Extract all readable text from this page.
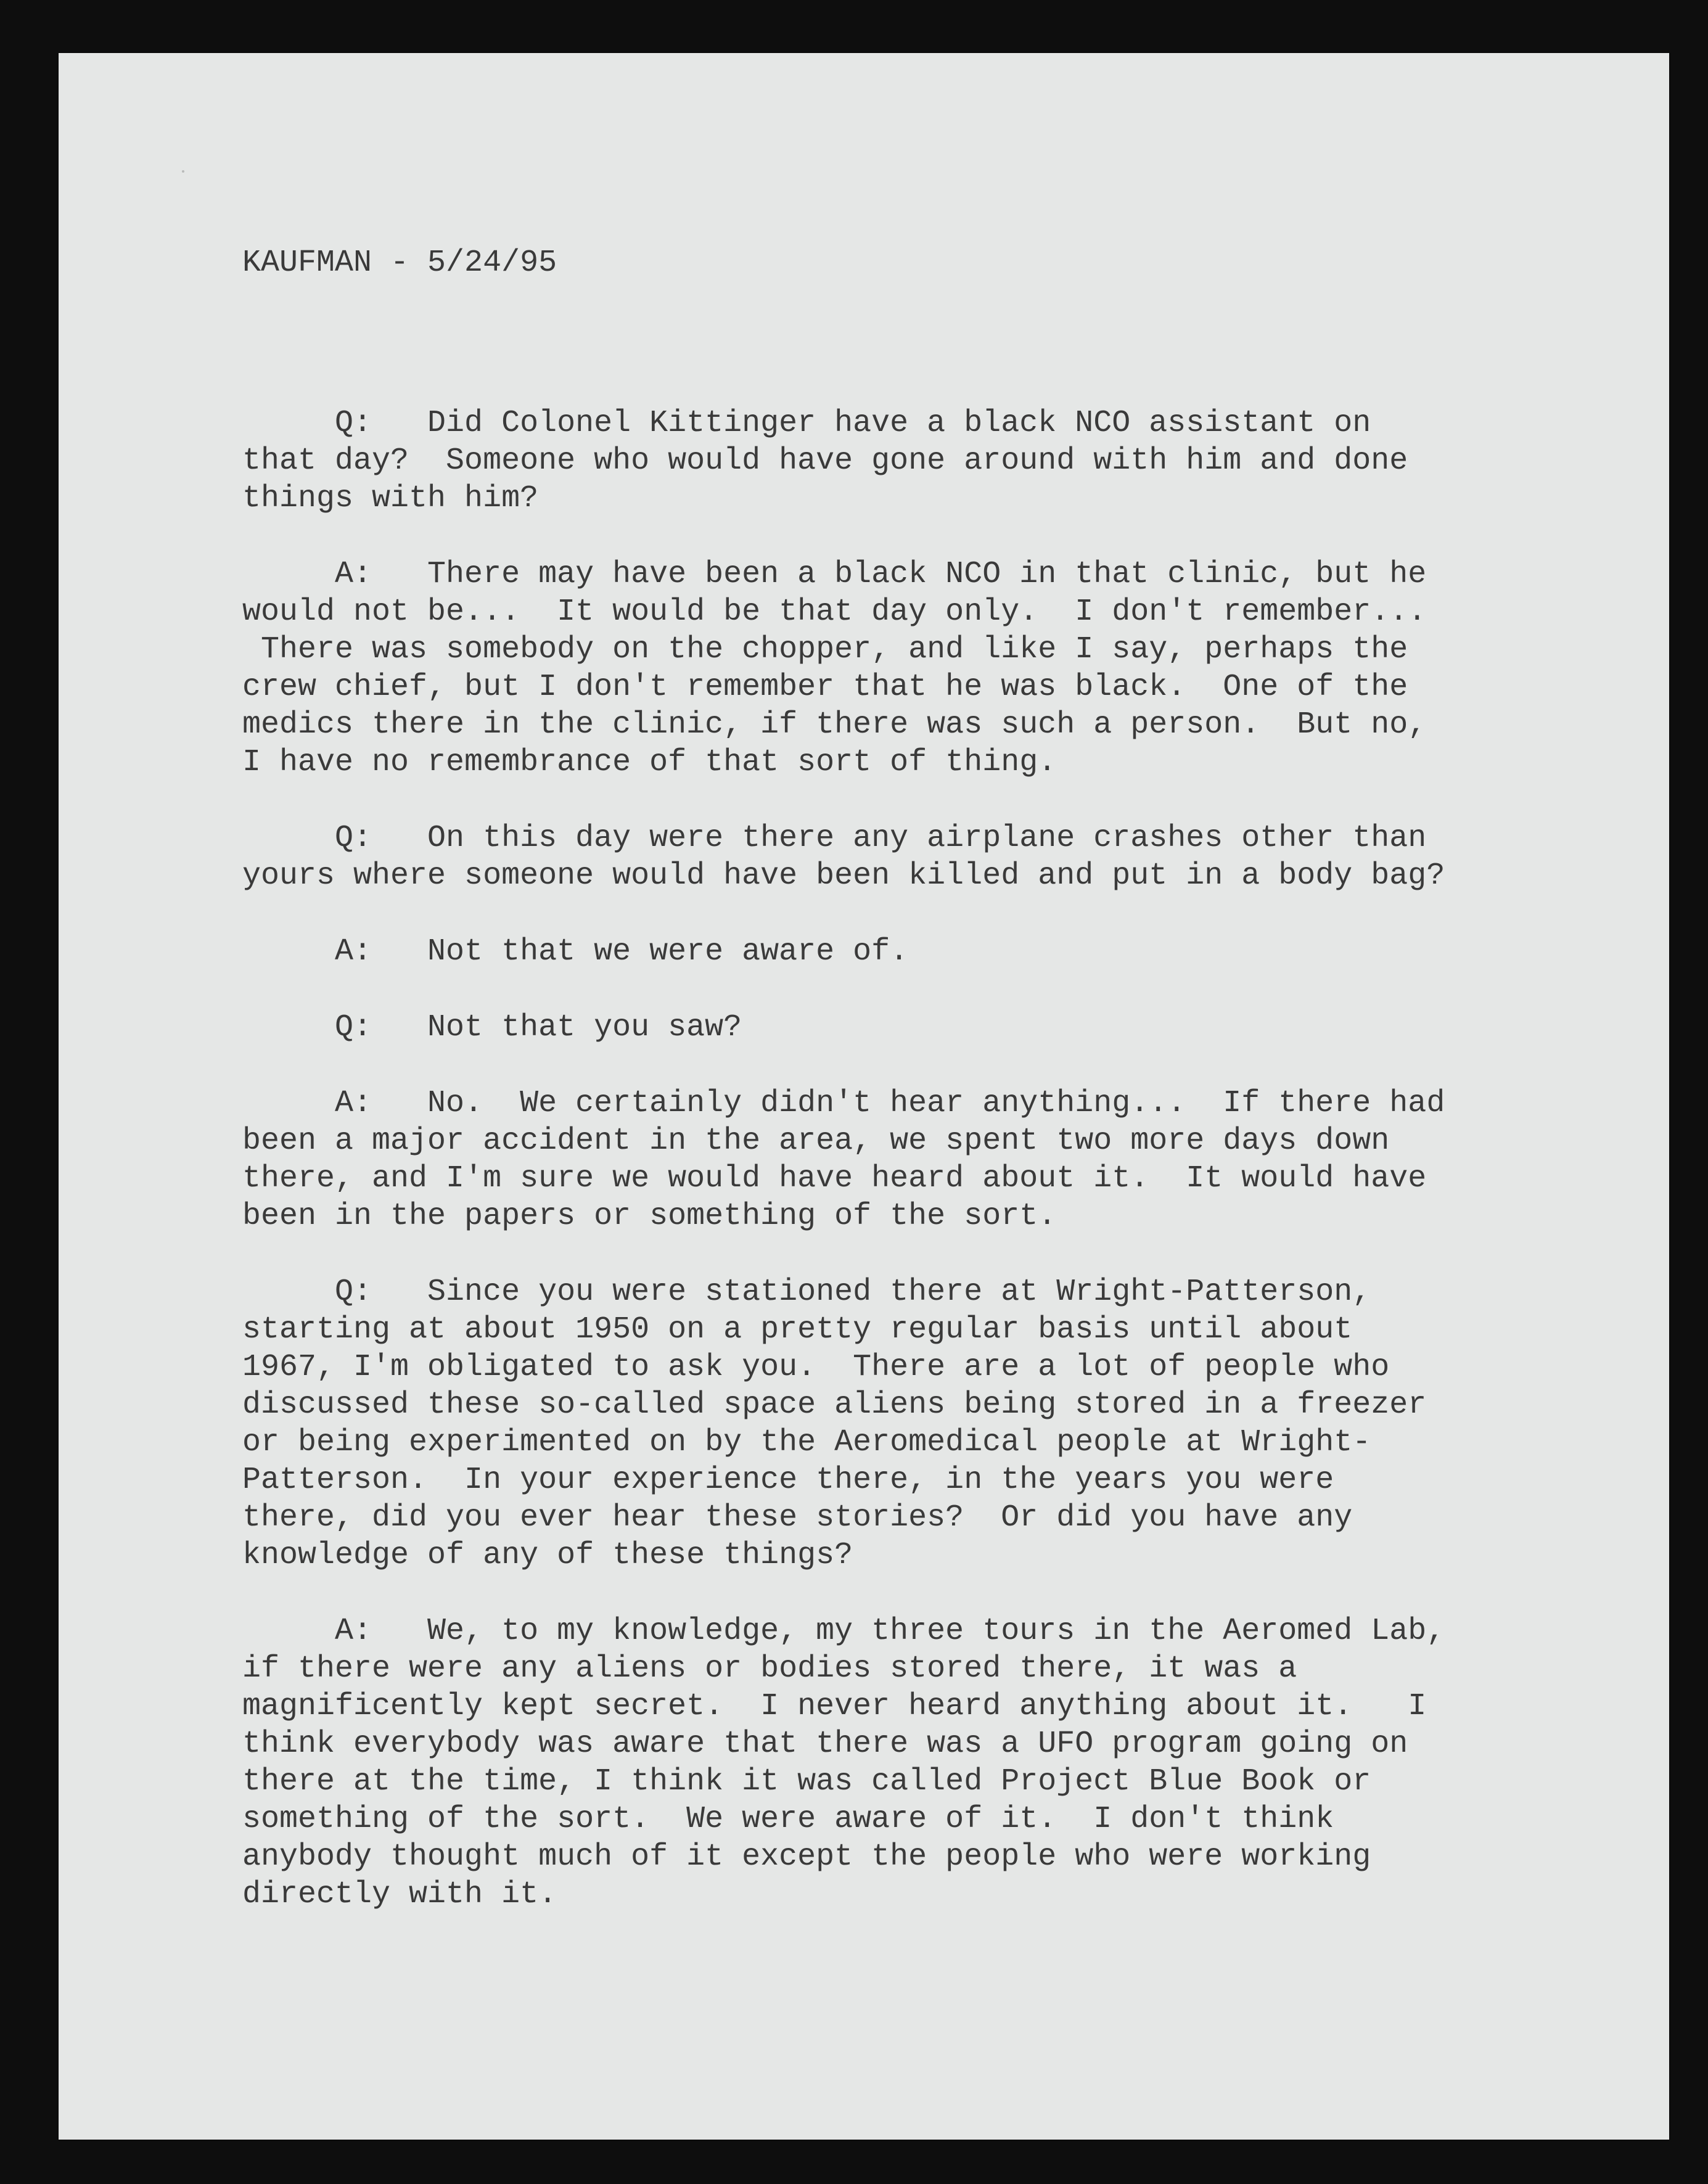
KAUFMAN - 5/24/95

Q:   Did Colonel Kittinger have a black NCO assistant on

that day?  Someone who would have gone around with him and done

things with him?

A:   There may have been a black NCO in that clinic, but he

would not be...  It would be that day only.  I don't remember...

There was somebody on the chopper, and like I say, perhaps the

crew chief, but I don't remember that he was black.  One of the

medics there in the clinic, if there was such a person.  But no,

I have no remembrance of that sort of thing.

Q:   On this day were there any airplane crashes other than

yours where someone would have been killed and put in a body bag?

A:   Not that we were aware of.

Q:   Not that you saw?

A:   No.  We certainly didn't hear anything...  If there had

been a major accident in the area, we spent two more days down

there, and I'm sure we would have heard about it.  It would have

been in the papers or something of the sort.

Q:   Since you were stationed there at Wright-Patterson,

starting at about 1950 on a pretty regular basis until about

1967, I'm obligated to ask you.  There are a lot of people who

discussed these so-called space aliens being stored in a freezer

or being experimented on by the Aeromedical people at Wright-

Patterson.  In your experience there, in the years you were

there, did you ever hear these stories?  Or did you have any

knowledge of any of these things?

A:   We, to my knowledge, my three tours in the Aeromed Lab,

if there were any aliens or bodies stored there, it was a

magnificently kept secret.  I never heard anything about it.   I

think everybody was aware that there was a UFO program going on

there at the time, I think it was called Project Blue Book or

something of the sort.  We were aware of it.  I don't think

anybody thought much of it except the people who were working

directly with it.
